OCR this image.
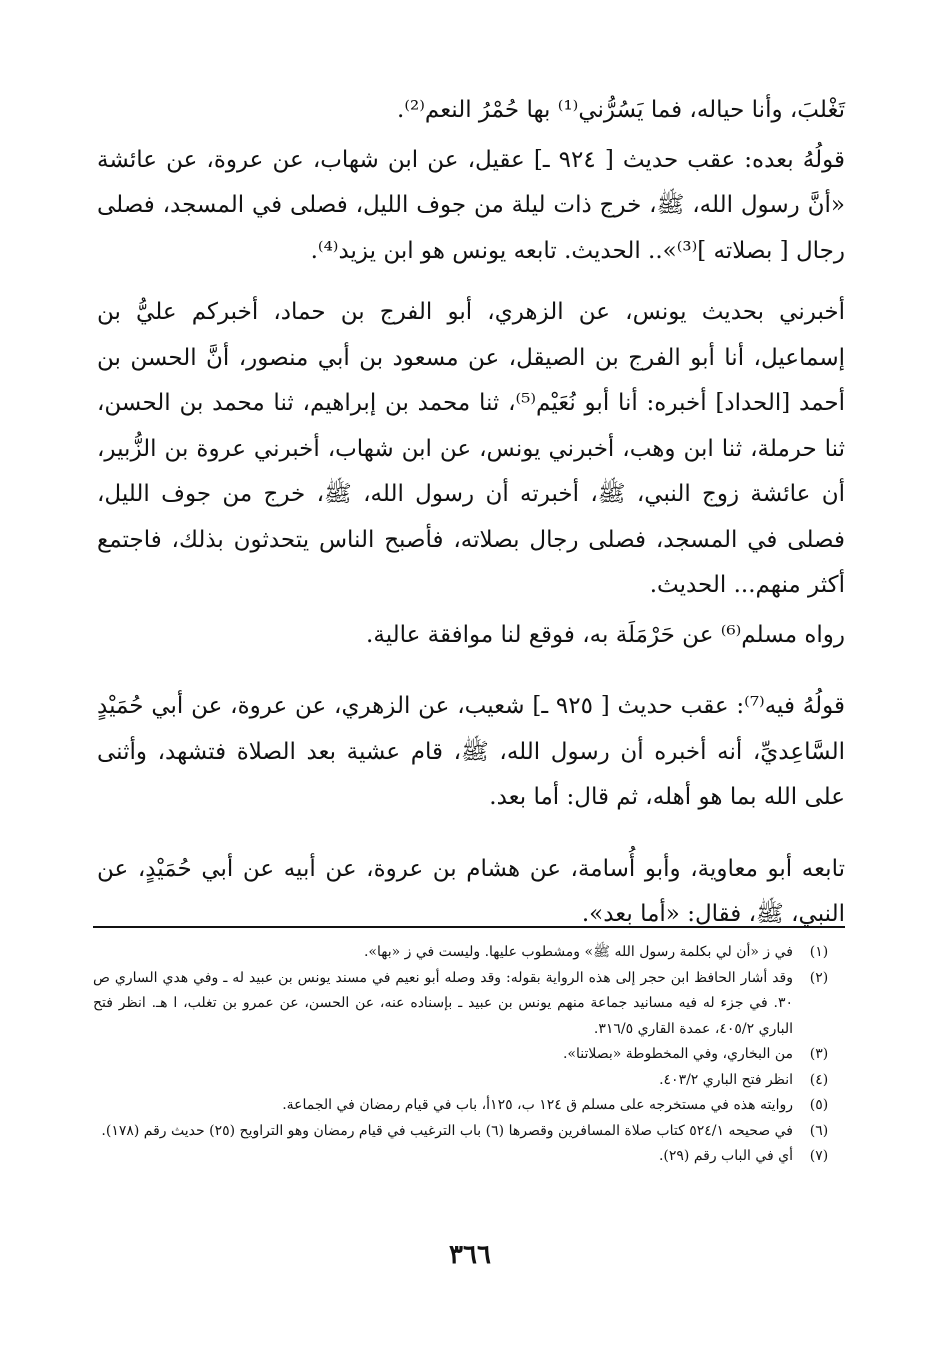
تَغْلبَ، وأنا حياله، فما يَسُرُّني⁽¹⁾ بها حُمْرُ النعم⁽²⁾.

قولُهُ بعده: عقب حديث [ ٩٢٤ ـ] عقيل، عن ابن شهاب، عن عروة، عن عائشة «أنَّ رسول الله، ﷺ، خرج ذات ليلة من جوف الليل، فصلى في المسجد، فصلى رجال [ بصلاته ]⁽³⁾».. الحديث. تابعه يونس هو ابن يزيد⁽⁴⁾.

أخبرني بحديث يونس، عن الزهري، أبو الفرج بن حماد، أخبركم عليُّ بن إسماعيل، أنا أبو الفرج بن الصيقل، عن مسعود بن أبي منصور، أنَّ الحسن بن أحمد [الحداد] أخبره: أنا أبو نُعَيْم⁽⁵⁾، ثنا محمد بن إبراهيم، ثنا محمد بن الحسن، ثنا حرملة، ثنا ابن وهب، أخبرني يونس، عن ابن شهاب، أخبرني عروة بن الزُّبير، أن عائشة زوج النبي، ﷺ، أخبرته أن رسول الله، ﷺ، خرج من جوف الليل، فصلى في المسجد، فصلى رجال بصلاته، فأصبح الناس يتحدثون بذلك، فاجتمع أكثر منهم... الحديث.

رواه مسلم⁽⁶⁾ عن حَرْمَلَة به، فوقع لنا موافقة عالية.

قولُهُ فيه⁽⁷⁾: عقب حديث [ ٩٢٥ ـ] شعيب، عن الزهري، عن عروة، عن أبي حُمَيْدٍ السَّاعِديِّ، أنه أخبره أن رسول الله، ﷺ، قام عشية بعد الصلاة فتشهد، وأثنى على الله بما هو أهله، ثم قال: أما بعد.

تابعه أبو معاوية، وأبو أُسامة، عن هشام بن عروة، عن أبيه عن أبي حُمَيْدٍ، عن النبي، ﷺ، فقال: «أما بعد».

(١)
في ز «أن لي بكلمة رسول الله ﷺ» ومشطوب عليها. وليست في ز «بها».
(٢)
وقد أشار الحافظ ابن حجر إلى هذه الرواية بقوله: وقد وصله أبو نعيم في مسند يونس بن عبيد له ـ وفي هدي الساري ص ٣٠. في جزء له فيه مسانيد جماعة منهم يونس بن عبيد ـ بإسناده عنه، عن الحسن، عن عمرو بن تغلب، ا هـ. انظر فتح الباري ٤٠٥/٢، عمدة القاري ٣١٦/٥.
(٣)
من البخاري، وفي المخطوطة «بصلاتنا».
(٤)
انظر فتح الباري ٤٠٣/٢.
(٥)
روايته هذه في مستخرجه على مسلم ق ١٢٤ ب، ١٢٥أ، باب في قيام رمضان في الجماعة.
(٦)
في صحيحه ٥٢٤/١ كتاب صلاة المسافرين وقصرها (٦) باب الترغيب في قيام رمضان وهو التراويح (٢٥) حديث رقم (١٧٨).
(٧)
أي في الباب رقم (٢٩).
٣٦٦
